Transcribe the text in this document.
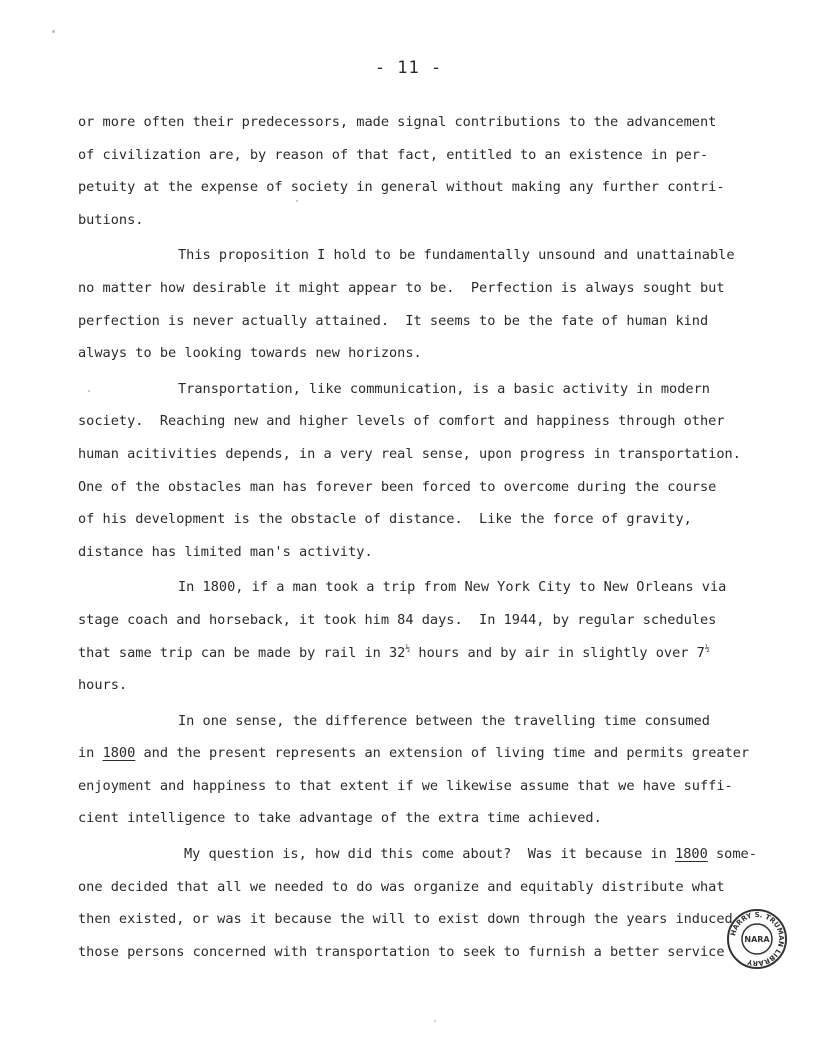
- 11 -
or more often their predecessors, made signal contributions to the advancement
of civilization are, by reason of that fact, entitled to an existence in per-
petuity at the expense of society in general without making any further contri-
butions.
This proposition I hold to be fundamentally unsound and unattainable
no matter how desirable it might appear to be.  Perfection is always sought but
perfection is never actually attained.  It seems to be the fate of human kind
always to be looking towards new horizons.
Transportation, like communication, is a basic activity in modern
society.  Reaching new and higher levels of comfort and happiness through other
human acitivities depends, in a very real sense, upon progress in transportation.
One of the obstacles man has forever been forced to overcome during the course
of his development is the obstacle of distance.  Like the force of gravity,
distance has limited man's activity.
In 1800, if a man took a trip from New York City to New Orleans via
stage coach and horseback, it took him 84 days.  In 1944, by regular schedules
that same trip can be made by rail in $32^{\frac{1}{2}}$ hours and by air in slightly over $7^{\frac{1}{2}}$
hours.
In one sense, the difference between the travelling time consumed
in 1800 and the present represents an extension of living time and permits greater
enjoyment and happiness to that extent if we likewise assume that we have suffi-
cient intelligence to take advantage of the extra time achieved.
My question is, how did this come about?  Was it because in 1800 some-
one decided that all we needed to do was organize and equitably distribute what
then existed, or was it because the will to exist down through the years induced
those persons concerned with transportation to seek to furnish a better service
HARRY S. TRUMAN LIBRARY
NARA
